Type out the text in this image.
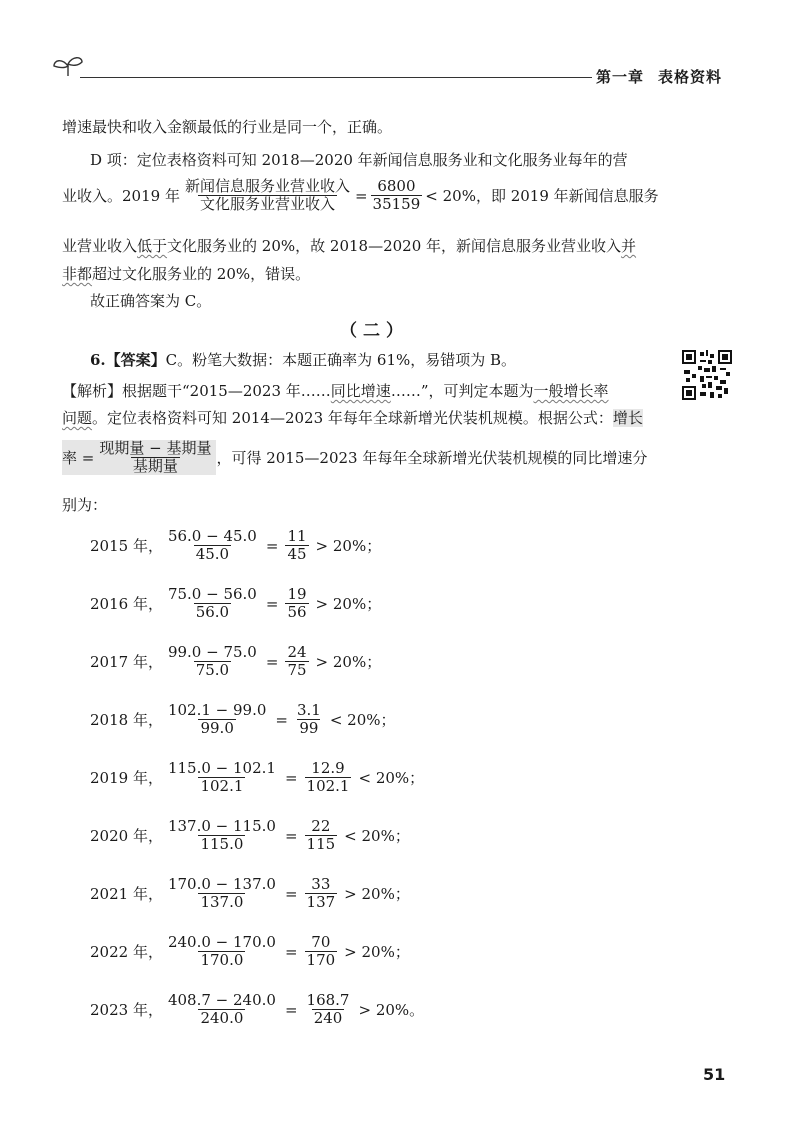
第一章 表格资料
增速最快和收入金额最低的行业是同一个，正确。
D 项：定位表格资料可知 2018—2020 年新闻信息服务业和文化服务业每年的营
业收入。2019 年 $\frac{\text{新闻信息服务业营业收入}}{\text{文化服务业营业收入}} = \frac{6800}{35159} < 20\%$，即 2019 年新闻信息服务
业营业收入低于文化服务业的 20%，故 2018—2020 年，新闻信息服务业营业收入并
非都超过文化服务业的 20%，错误。
故正确答案为 C。
（二）
6.【答案】C。粉笔大数据：本题正确率为 61%，易错项为 B。
【解析】根据题干“2015—2023 年……同比增速……”，可判定本题为一般增长率
问题。定位表格资料可知 2014—2023 年每年全球新增光伏装机规模。根据公式：增长
率 = $\frac{\text{现期量 − 基期量}}{\text{基期量}}$ ，可得 2015—2023 年每年全球新增光伏装机规模的同比增速分
别为：
2015 年， $\frac{56.0 - 45.0}{45.0} = \frac{11}{45} > 20\%$；
2016 年， $\frac{75.0 - 56.0}{56.0} = \frac{19}{56} > 20\%$；
2017 年， $\frac{99.0 - 75.0}{75.0} = \frac{24}{75} > 20\%$；
2018 年， $\frac{102.1 - 99.0}{99.0} = \frac{3.1}{99} < 20\%$；
2019 年， $\frac{115.0 - 102.1}{102.1} = \frac{12.9}{102.1} < 20\%$；
2020 年， $\frac{137.0 - 115.0}{115.0} = \frac{22}{115} < 20\%$；
2021 年， $\frac{170.0 - 137.0}{137.0} = \frac{33}{137} > 20\%$；
2022 年， $\frac{240.0 - 170.0}{170.0} = \frac{70}{170} > 20\%$；
2023 年， $\frac{408.7 - 240.0}{240.0} = \frac{168.7}{240} > 20\%$。
51
